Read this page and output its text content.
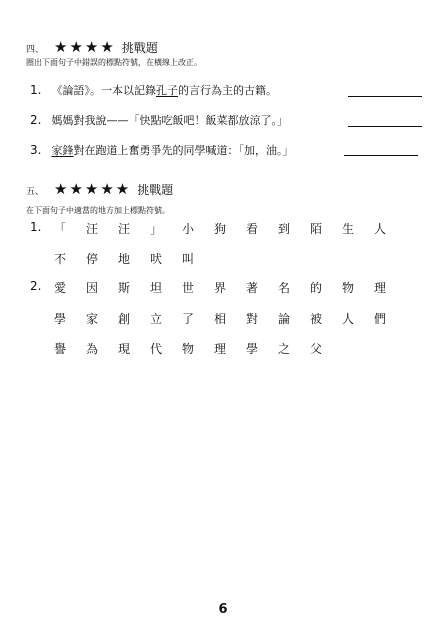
四、 ★★★★ 挑戰題
圈出下面句子中錯誤的標點符號，在橫線上改正。
1. 《論語》。一本以記錄孔子的言行為主的古籍。
2. 媽媽對我說——「快點吃飯吧！飯菜都放涼了。」
3. 家鋒對在跑道上奮勇爭先的同學喊道：「加，油。」
五、 ★★★★★ 挑戰題
在下面句子中適當的地方加上標點符號。
1.	「	汪	汪	」	小	狗	看	到	陌	生	人
不	停	地	吠	叫
2.	愛	因	斯	坦	世	界	著	名	的	物	理
學	家	創	立	了	相	對	論	被	人	們
譽	為	現	代	物	理	學	之	父
6
